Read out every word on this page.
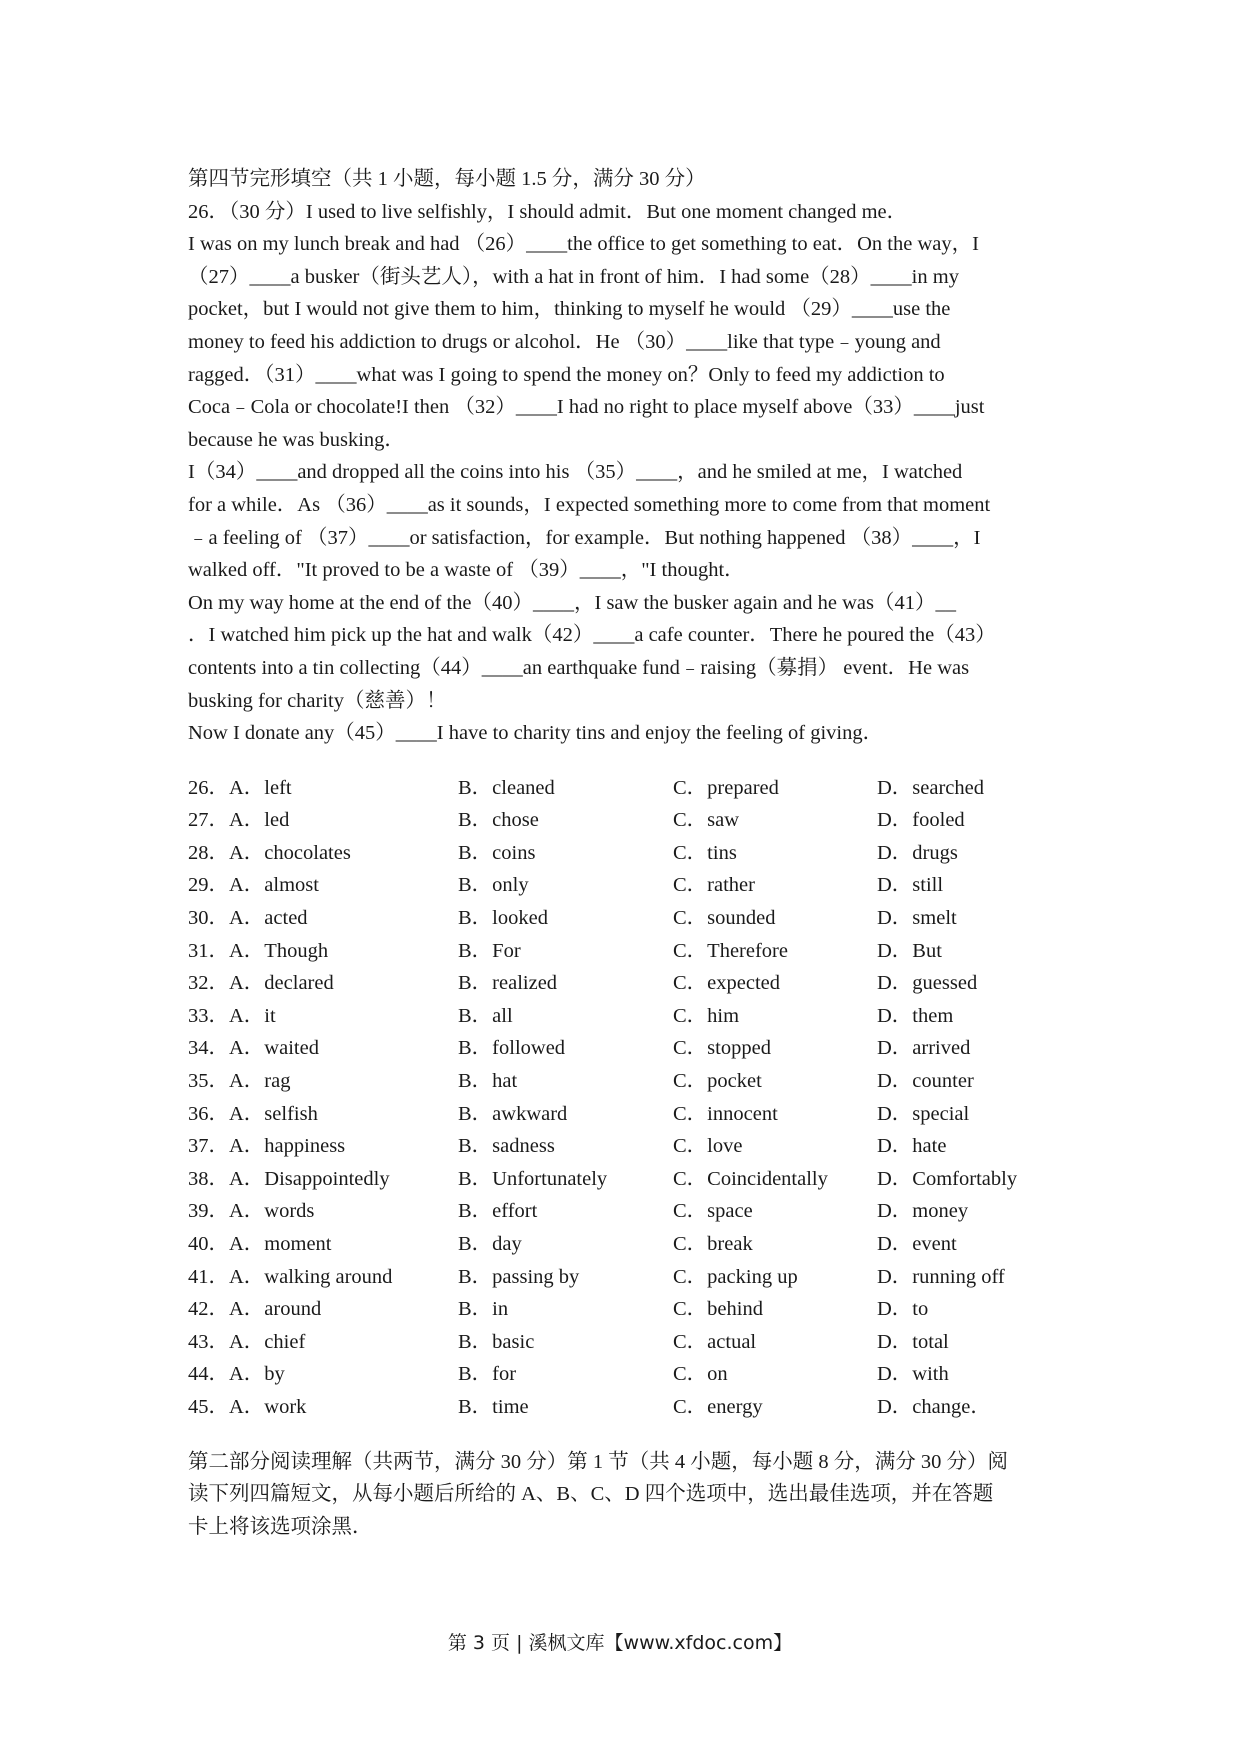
第四节完形填空（共 1 小题，每小题 1.5 分，满分 30 分）
26．（30 分）I used to live selfishly，I should admit．But one moment changed me．
I was on my lunch break and had （26）____the office to get something to eat．On the way，I
（27）____a busker（街头艺人），with a hat in front of him．I had some（28）____in my
pocket，but I would not give them to him，thinking to myself he would （29）____use the
money to feed his addiction to drugs or alcohol．He （30）____like that type﹣young and
ragged．（31）____what was I going to spend the money on？Only to feed my addiction to
Coca﹣Cola or chocolate!I then （32）____I had no right to place myself above（33）____just
because he was busking．
I（34）____and dropped all the coins into his （35）____，and he smiled at me，I watched
for a while．As （36）____as it sounds，I expected something more to come from that moment
﹣a feeling of （37）____or satisfaction，for example．But nothing happened （38）____，I
walked off．"It proved to be a waste of （39）____，"I thought．
On my way home at the end of the（40）____，I saw the busker again and he was（41）__
．I watched him pick up the hat and walk（42）____a cafe counter．There he poured the（43）
contents into a tin collecting（44）____an earthquake fund﹣raising（募捐） event．He was
busking for charity（慈善）！
Now I donate any（45）____I have to charity tins and enjoy the feeling of giving．
26．A．left	B．cleaned	C．prepared	D．searched
27．A．led	B．chose	C．saw	D．fooled
28．A．chocolates	B．coins	C．tins	D．drugs
29．A．almost	B．only	C．rather	D．still
30．A．acted	B．looked	C．sounded	D．smelt
31．A．Though	B．For	C．Therefore	D．But
32．A．declared	B．realized	C．expected	D．guessed
33．A．it	B．all	C．him	D．them
34．A．waited	B．followed	C．stopped	D．arrived
35．A．rag	B．hat	C．pocket	D．counter
36．A．selfish	B．awkward	C．innocent	D．special
37．A．happiness	B．sadness	C．love	D．hate
38．A．Disappointedly	B．Unfortunately	C．Coincidentally	D．Comfortably
39．A．words	B．effort	C．space	D．money
40．A．moment	B．day	C．break	D．event
41．A．walking around	B．passing by	C．packing up	D．running off
42．A．around	B．in	C．behind	D．to
43．A．chief	B．basic	C．actual	D．total
44．A．by	B．for	C．on	D．with
45．A．work	B．time	C．energy	D．change．
第二部分阅读理解（共两节，满分 30 分）第 1 节（共 4 小题，每小题 8 分，满分 30 分）阅
读下列四篇短文，从每小题后所给的 A、B、C、D 四个选项中，选出最佳选项，并在答题
卡上将该选项涂黑．
第 3 页 | 溪枫文库【www.xfdoc.com】
